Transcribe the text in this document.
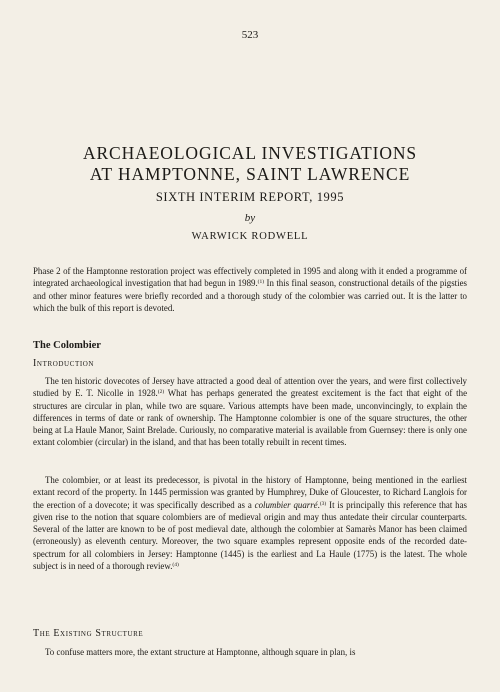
523
ARCHAEOLOGICAL INVESTIGATIONS
AT HAMPTONNE, SAINT LAWRENCE
SIXTH INTERIM REPORT, 1995
by
WARWICK RODWELL

Phase 2 of the Hamptonne restoration project was effectively completed in 1995 and along with it ended a programme of integrated archaeological investigation that had begun in 1989.$^{(1)}$ In this final season, constructional details of the pigsties and other minor features were briefly recorded and a thorough study of the colombier was carried out. It is the latter to which the bulk of this report is devoted.

The Colombier
Introduction

The ten historic dovecotes of Jersey have attracted a good deal of attention over the years, and were first collectively studied by E. T. Nicolle in 1928.$^{(2)}$ What has perhaps generated the greatest excitement is the fact that eight of the structures are circular in plan, while two are square. Various attempts have been made, unconvincingly, to explain the differences in terms of date or rank of ownership. The Hamptonne colombier is one of the square structures, the other being at La Haule Manor, Saint Brelade. Curiously, no comparative material is available from Guernsey: there is only one extant colombier (circular) in the island, and that has been totally rebuilt in recent times.

The colombier, or at least its predecessor, is pivotal in the history of Hamptonne, being mentioned in the earliest extant record of the property. In 1445 permission was granted by Humphrey, Duke of Gloucester, to Richard Langlois for the erection of a dovecote; it was specifically described as a columbier quarré.$^{(3)}$ It is principally this reference that has given rise to the notion that square colombiers are of medieval origin and may thus antedate their circular counterparts. Several of the latter are known to be of post medieval date, although the colombier at Samarès Manor has been claimed (erroneously) as eleventh century. Moreover, the two square examples represent opposite ends of the recorded date-spectrum for all colombiers in Jersey: Hamptonne (1445) is the earliest and La Haule (1775) is the latest. The whole subject is in need of a thorough review.$^{(4)}$

The Existing Structure

To confuse matters more, the extant structure at Hamptonne, although square in plan, is
